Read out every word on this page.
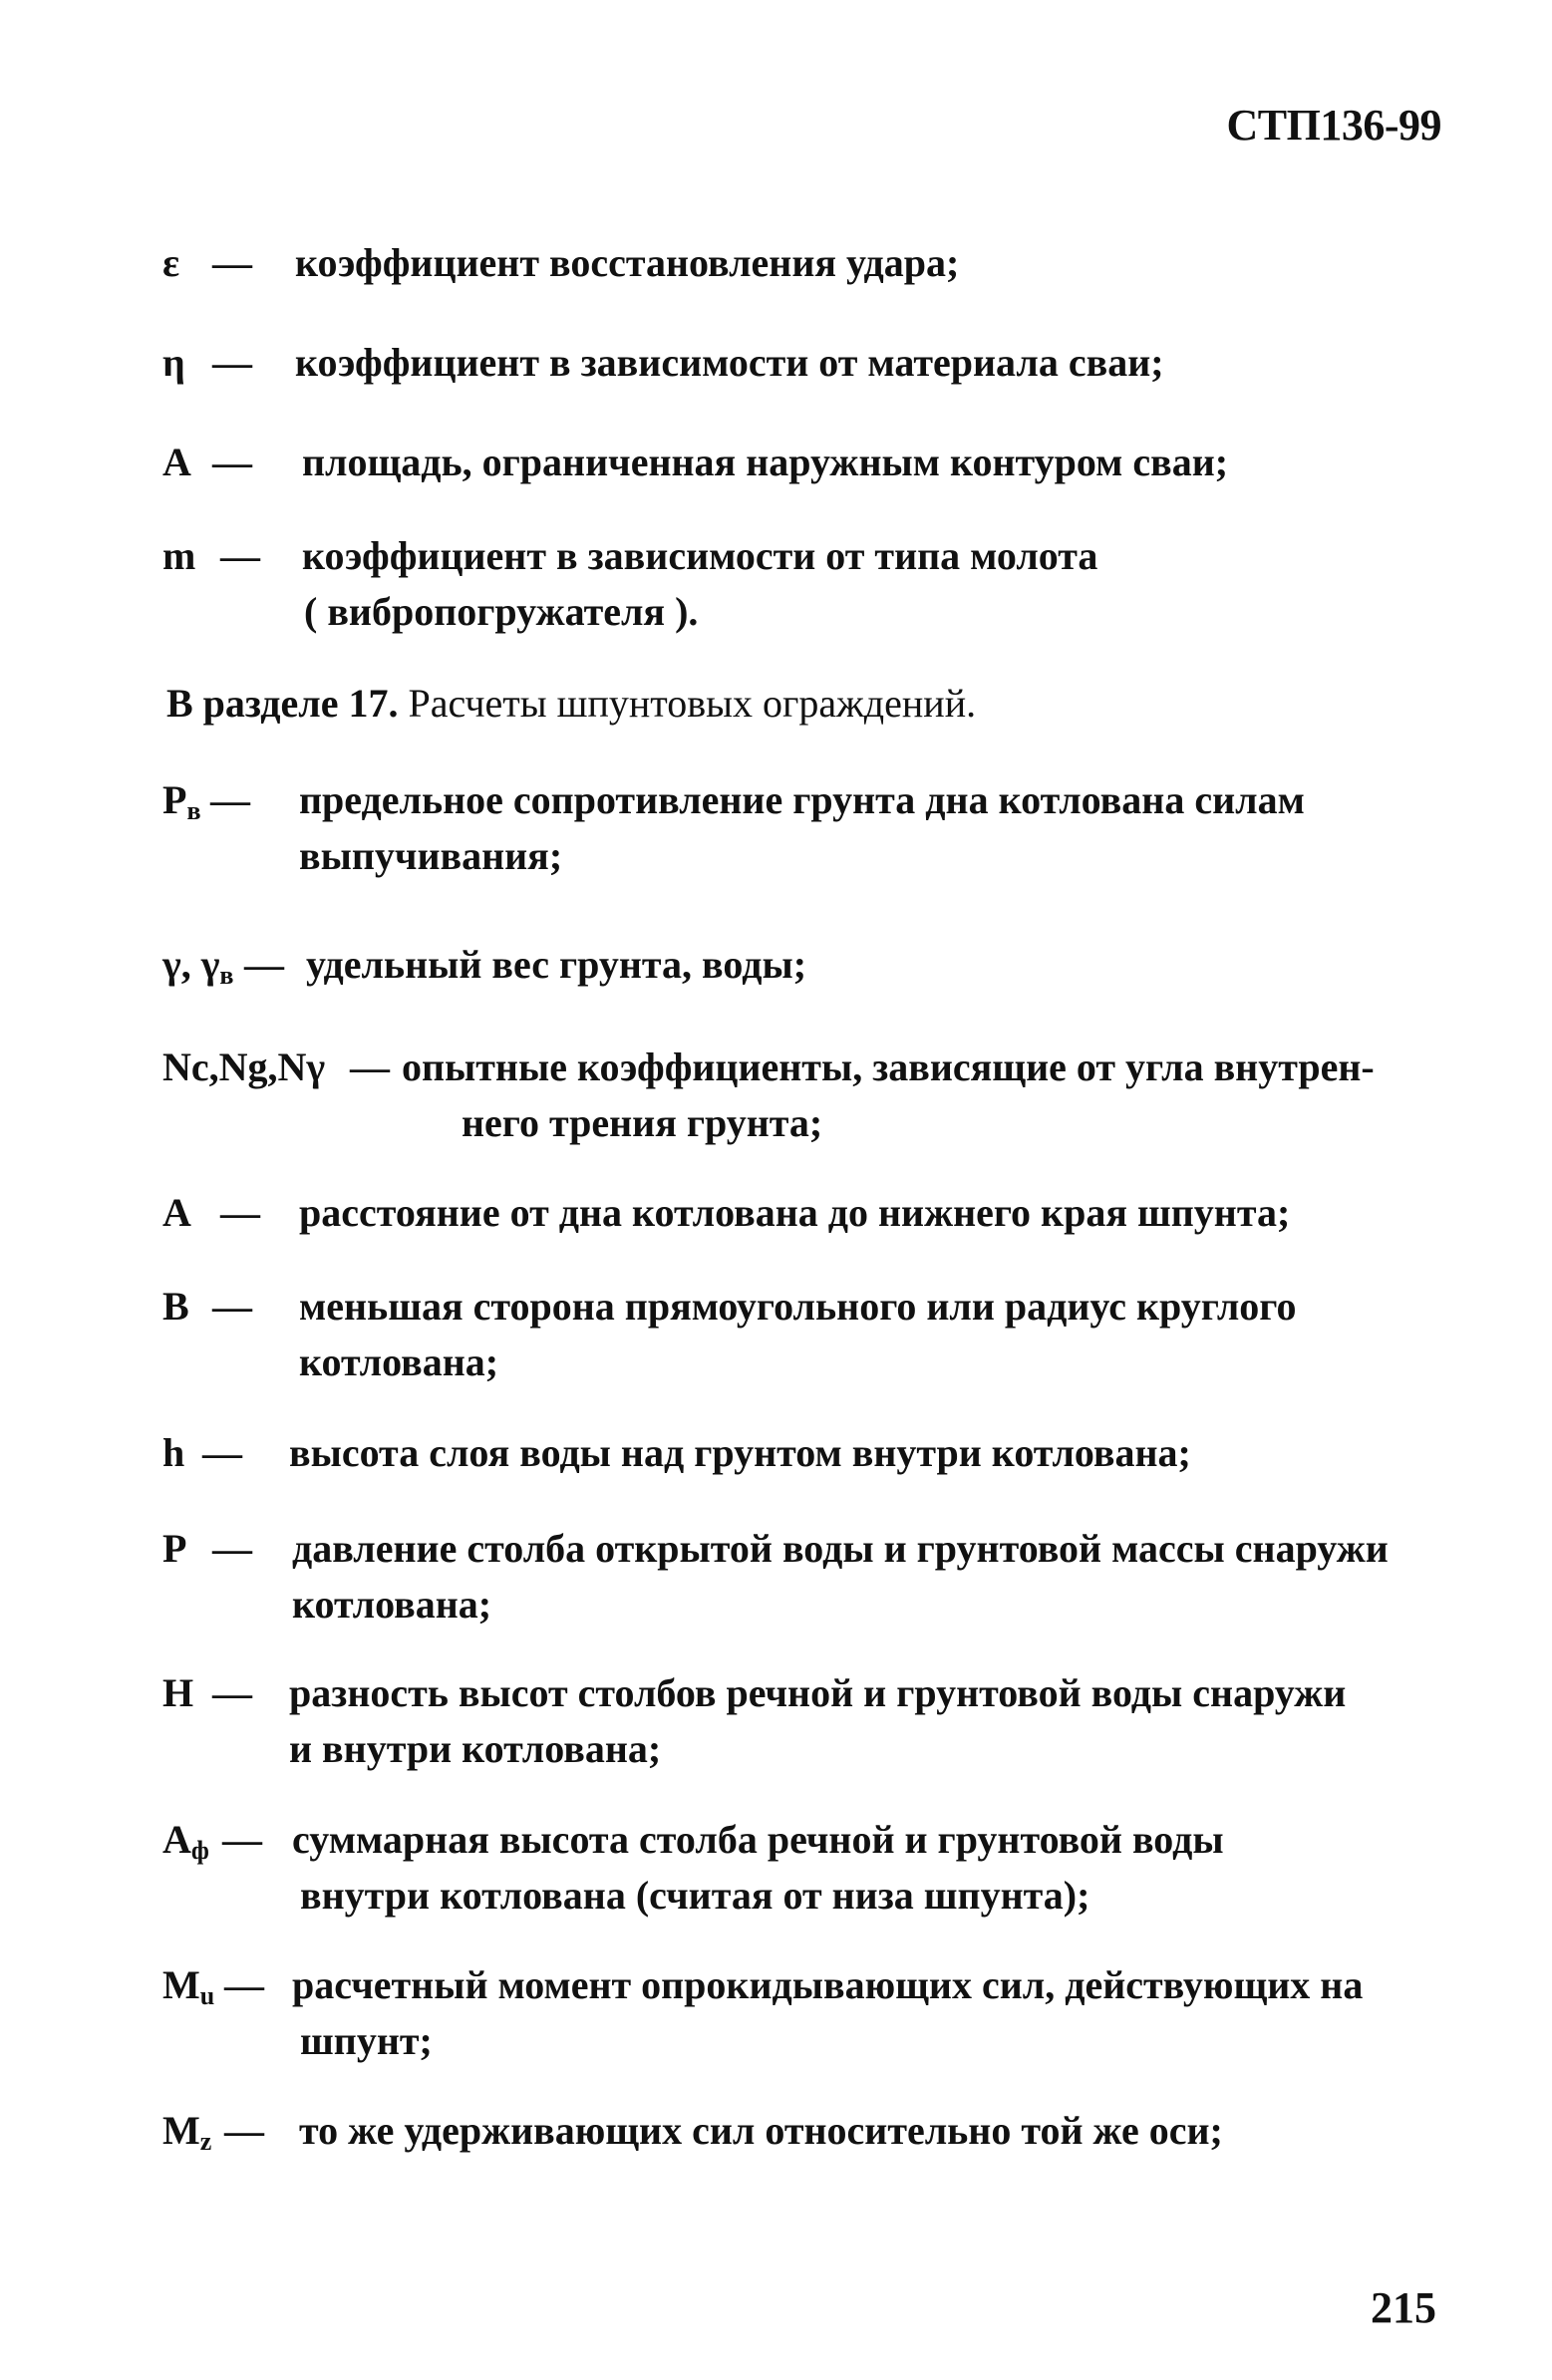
СТП136-99
ε — коэффициент восстановления удара;
η — коэффициент в зависимости от материала сваи;
A — площадь, ограниченная наружным контуром сваи;
m — коэффициент в зависимости от типа молота
( вибропогружателя ).
В разделе 17. Расчеты шпунтовых ограждений.
$P_в$ — предельное сопротивление грунта дна котлована силам
выпучивания;
γ, $\gamma_в$ — удельный вес грунта, воды;
Nc,Ng,Nγ — опытные коэффициенты, зависящие от угла внутрен-
него трения грунта;
A — расстояние от дна котлована до нижнего края шпунта;
B — меньшая сторона прямоугольного или радиус круглого
котлована;
h — высота слоя воды над грунтом внутри котлована;
P — давление столба открытой воды и грунтовой массы снаружи
котлована;
H — разность высот столбов речной и грунтовой воды снаружи
и внутри котлована;
$A_ф$ — суммарная высота столба речной и грунтовой воды
внутри котлована (считая от низа шпунта);
$M_u$ — расчетный момент опрокидывающих сил, действующих на
шпунт;
$M_z$ — то же удерживающих сил относительно той же оси;
215
